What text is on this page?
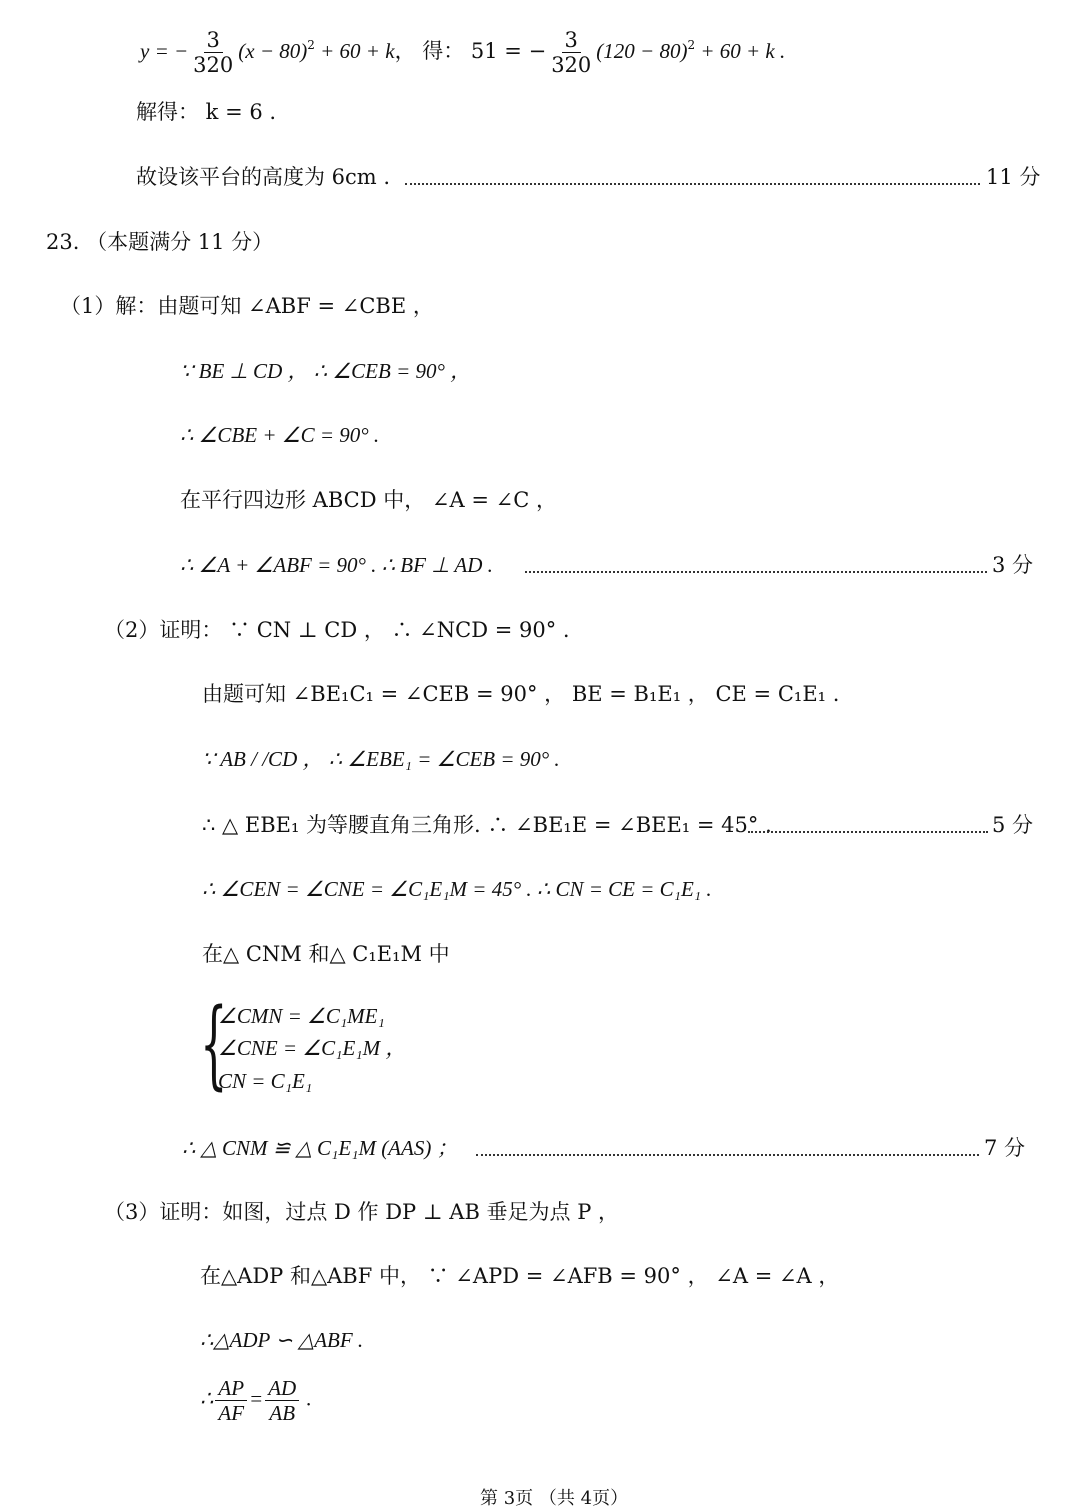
y = − $\frac{3}{320} (x - 80)^2 + 60 + k$， 得： 51 = − $\frac{3}{320} (120 - 80)^2 + 60 + k$ .
解得： k = 6 .
故设该平台的高度为 6cm .	11 分
23. （本题满分 11 分）
（1）解：由题可知 ∠ABF = ∠CBE ，
∵ BE ⊥ CD ， ∴ ∠CEB = 90° ，
∴ ∠CBE + ∠C = 90° .
在平行四边形 ABCD 中， ∠A = ∠C ，
∴ ∠A + ∠ABF = 90° . ∴ BF ⊥ AD .	3 分
（2）证明： ∵ CN ⊥ CD ， ∴ ∠NCD = 90° .
由题可知 ∠BE₁C₁ = ∠CEB = 90° ， BE = B₁E₁ ， CE = C₁E₁ .
∵ AB / /CD ， ∴ ∠EBE₁ = ∠CEB = 90° .
∴ △ EBE₁ 为等腰直角三角形. ∴ ∠BE₁E = ∠BEE₁ = 45° .	5 分
∴ ∠CEN = ∠CNE = ∠C₁E₁M = 45° . ∴ CN = CE = C₁E₁ .
在△ CNM 和△ C₁E₁M 中
{
∠CMN = ∠C₁ME₁
∠CNE = ∠C₁E₁M ，
CN = C₁E₁
∴ △ CNM ≌ △ C₁E₁M (AAS) ；	7 分
（3）证明：如图，过点 D 作 DP ⊥ AB 垂足为点 P ，
在△ADP 和△ABF 中， ∵ ∠APD = ∠AFB = 90° ， ∠A = ∠A ，
∴△ADP ∽ △ABF .
∴ $\frac{AP}{AF} = \frac{AD}{AB}$ .
第 3页 （共 4页）
